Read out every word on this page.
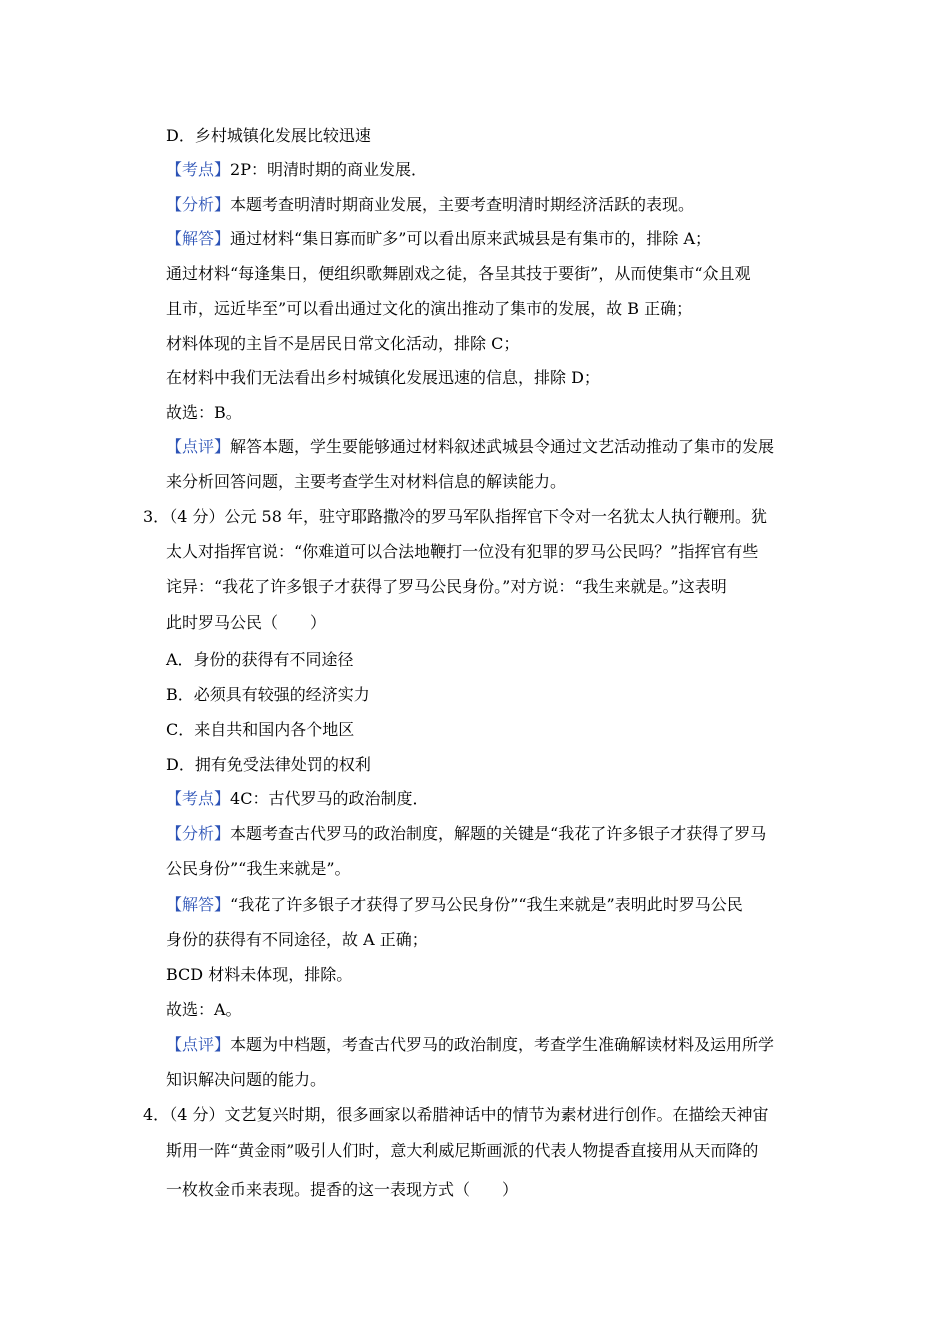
D．乡村城镇化发展比较迅速
【考点】2P：明清时期的商业发展．
【分析】本题考查明清时期商业发展，主要考查明清时期经济活跃的表现。
【解答】通过材料“集日寡而旷多”可以看出原来武城县是有集市的，排除 A；
通过材料“每逢集日，便组织歌舞剧戏之徒，各呈其技于要街”，从而使集市“众且观
且市，远近毕至”可以看出通过文化的演出推动了集市的发展，故 B 正确；
材料体现的主旨不是居民日常文化活动，排除 C；
在材料中我们无法看出乡村城镇化发展迅速的信息，排除 D；
故选：B。
【点评】解答本题，学生要能够通过材料叙述武城县令通过文艺活动推动了集市的发展
来分析回答问题，主要考查学生对材料信息的解读能力。
3．（4 分）公元 58 年，驻守耶路撒冷的罗马军队指挥官下令对一名犹太人执行鞭刑。犹
太人对指挥官说：“你难道可以合法地鞭打一位没有犯罪的罗马公民吗？”指挥官有些
诧异：“我花了许多银子才获得了罗马公民身份。”对方说：“我生来就是。”这表明
此时罗马公民（　　）
A．身份的获得有不同途径
B．必须具有较强的经济实力
C．来自共和国内各个地区
D．拥有免受法律处罚的权利
【考点】4C：古代罗马的政治制度．
【分析】本题考查古代罗马的政治制度，解题的关键是“我花了许多银子才获得了罗马
公民身份”“我生来就是”。
【解答】“我花了许多银子才获得了罗马公民身份”“我生来就是”表明此时罗马公民
身份的获得有不同途径，故 A 正确；
BCD 材料未体现，排除。
故选：A。
【点评】本题为中档题，考查古代罗马的政治制度，考查学生准确解读材料及运用所学
知识解决问题的能力。
4．（4 分）文艺复兴时期，很多画家以希腊神话中的情节为素材进行创作。在描绘天神宙
斯用一阵“黄金雨”吸引人们时，意大利威尼斯画派的代表人物提香直接用从天而降的
一枚枚金币来表现。提香的这一表现方式（　　）
